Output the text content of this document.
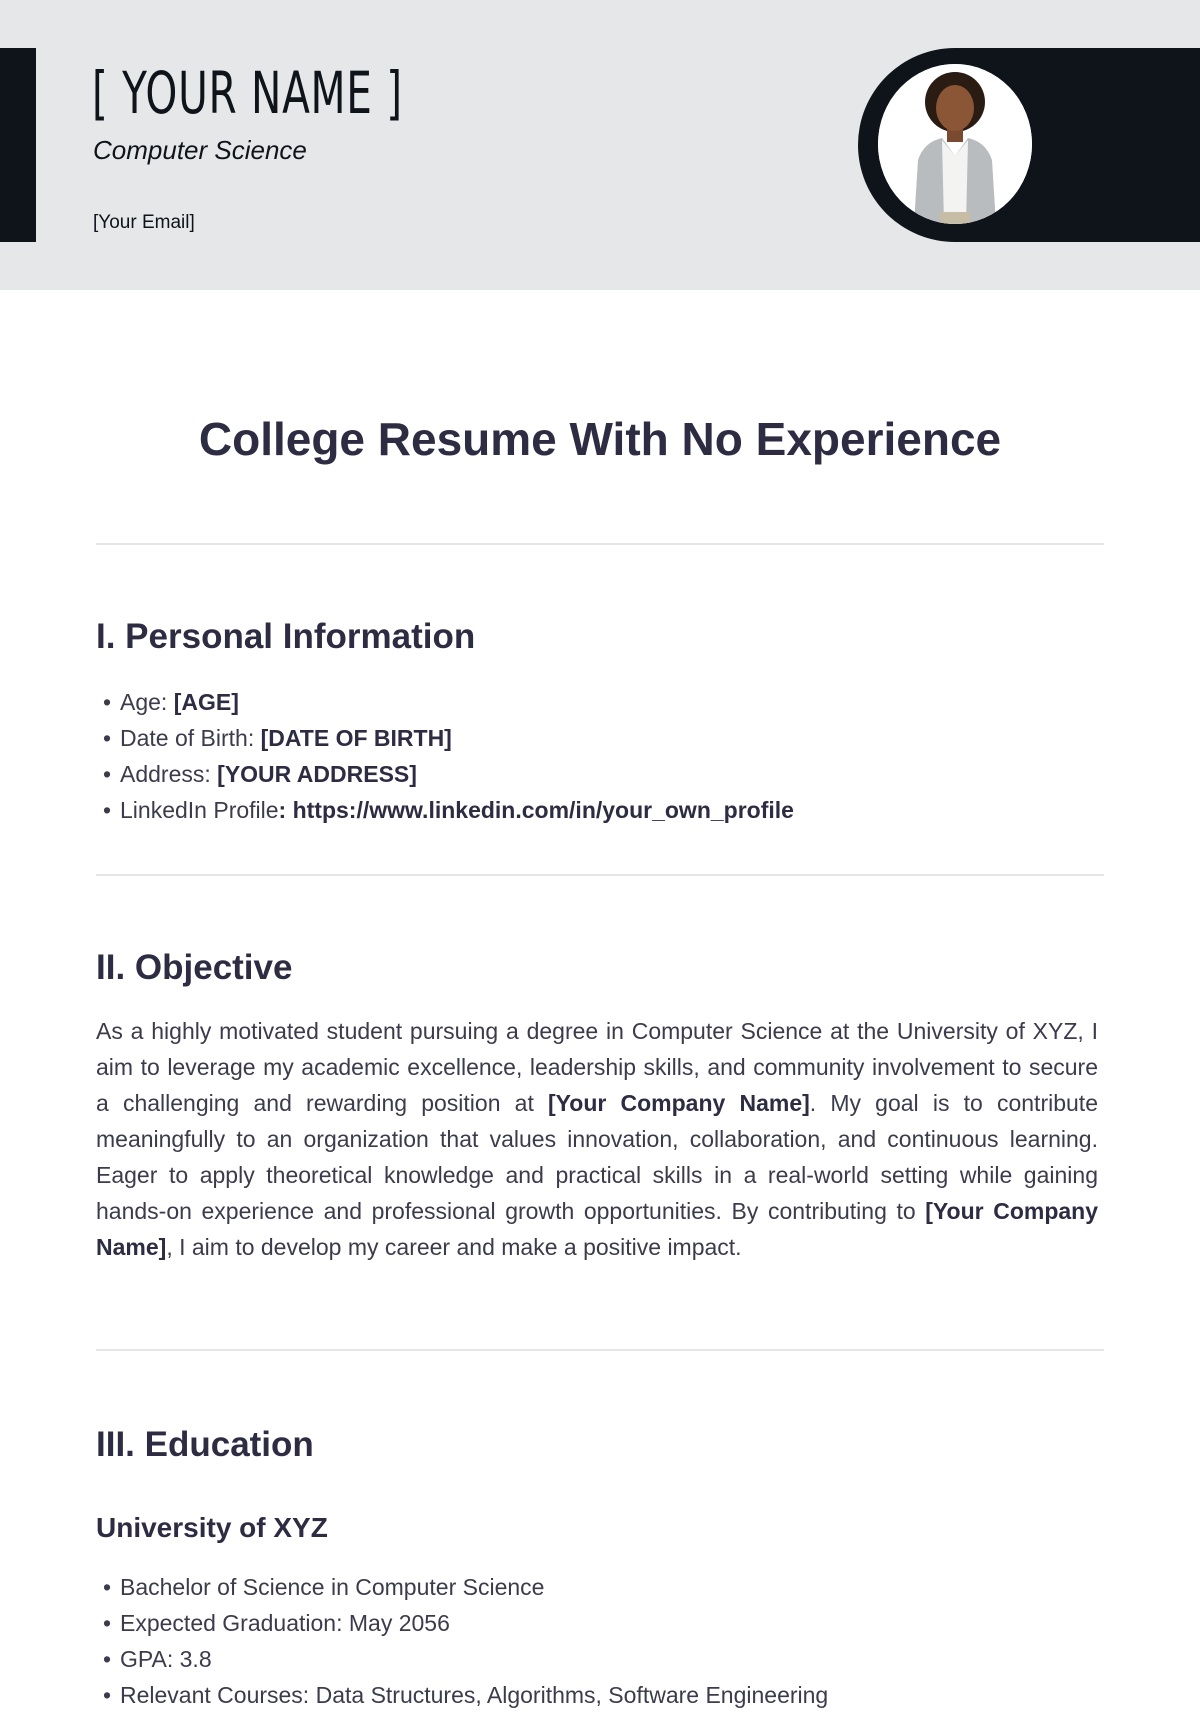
[ YOUR NAME ]
Computer Science
[Your Email]
College Resume With No Experience
I. Personal Information
• Age: [AGE]
• Date of Birth: [DATE OF BIRTH]
• Address: [YOUR ADDRESS]
• LinkedIn Profile: https://www.linkedin.com/in/your_own_profile
II. Objective

As a highly motivated student pursuing a degree in Computer Science at the University of XYZ, I aim to leverage my academic excellence, leadership skills, and community involvement to secure a challenging and rewarding position at [Your Company Name]. My goal is to contribute meaningfully to an organization that values innovation, collaboration, and continuous learning. Eager to apply theoretical knowledge and practical skills in a real-world setting while gaining hands-on experience and professional growth opportunities. By contributing to [Your Company Name], I aim to develop my career and make a positive impact.

III. Education
University of XYZ
• Bachelor of Science in Computer Science
• Expected Graduation: May 2056
• GPA: 3.8
• Relevant Courses: Data Structures, Algorithms, Software Engineering
